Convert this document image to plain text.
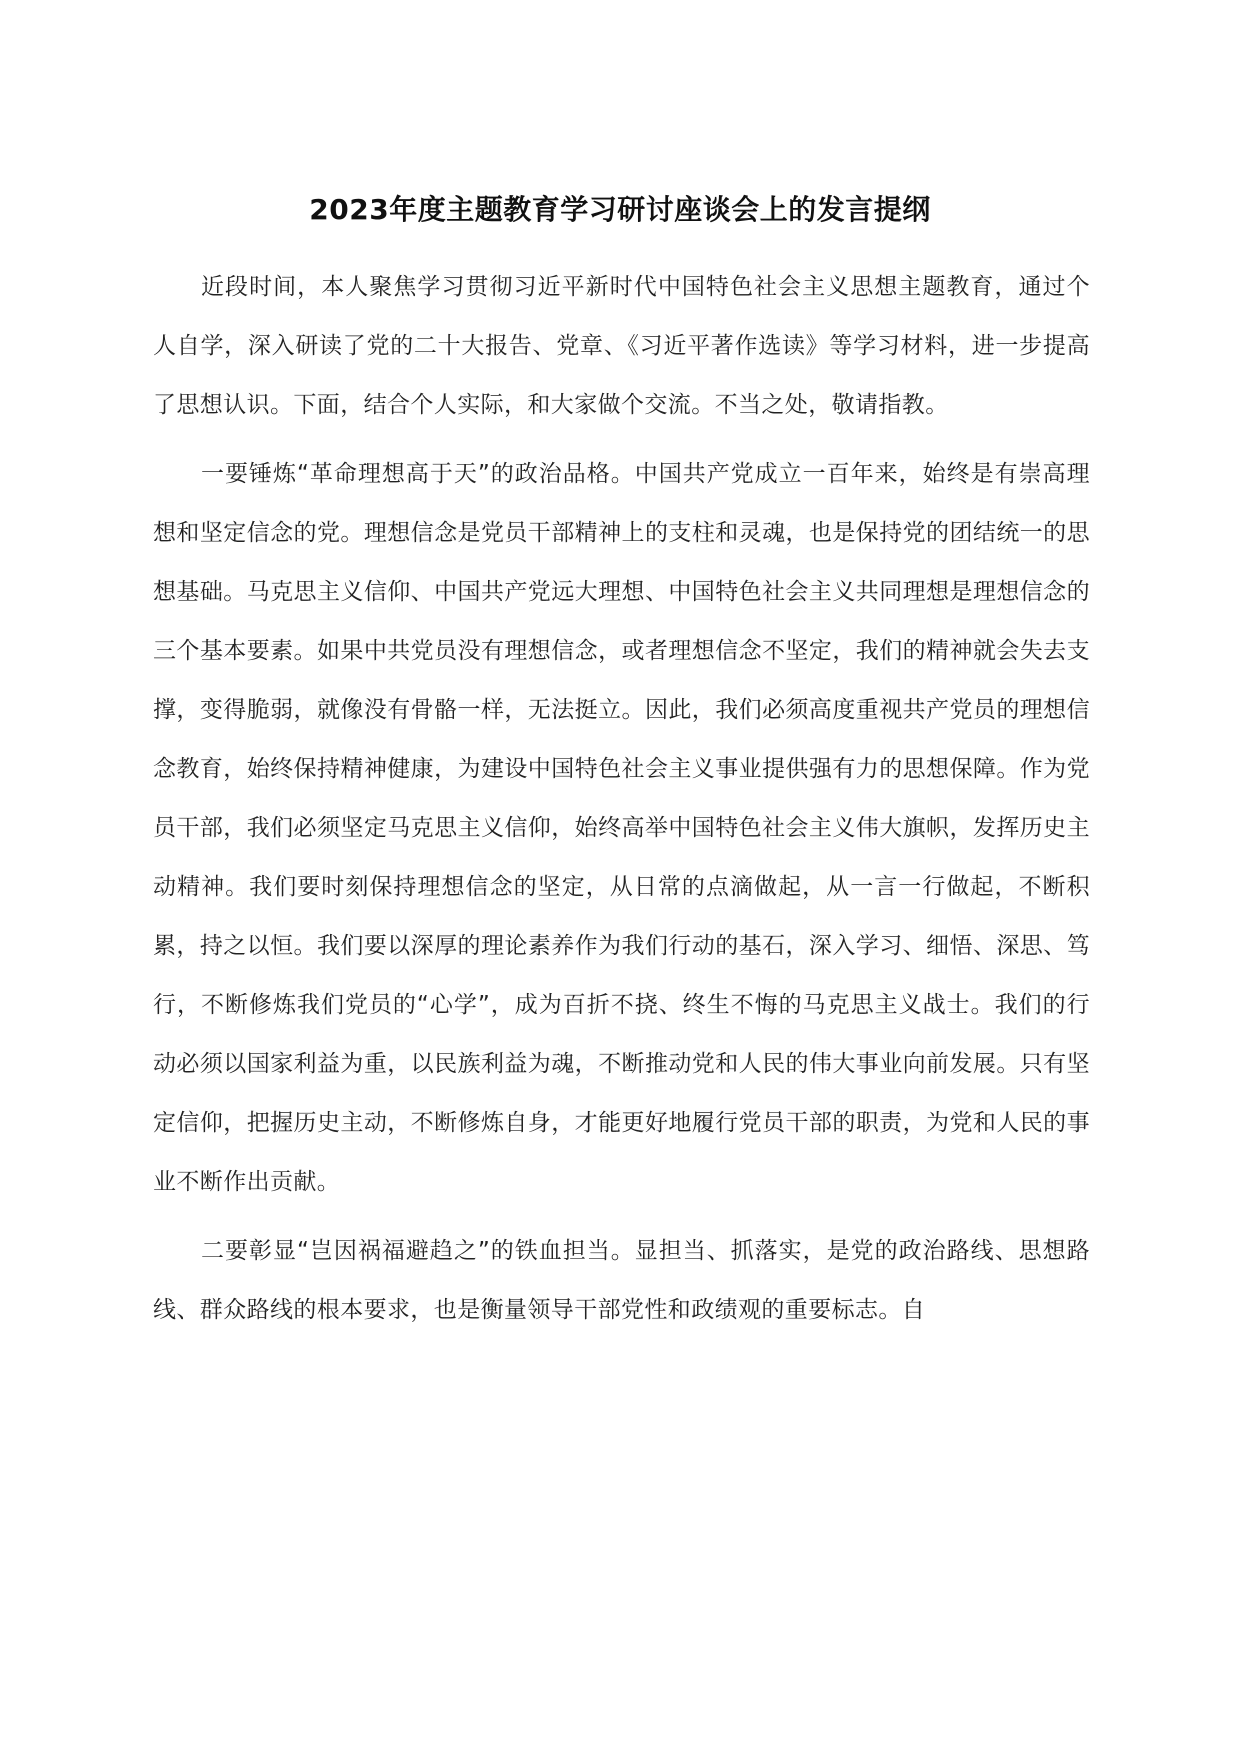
2023年度主题教育学习研讨座谈会上的发言提纲

近段时间，本人聚焦学习贯彻习近平新时代中国特色社会主义思想主题教育，通过个人自学，深入研读了党的二十大报告、党章、《习近平著作选读》等学习材料，进一步提高了思想认识。下面，结合个人实际，和大家做个交流。不当之处，敬请指教。

一要锤炼“革命理想高于天”的政治品格。中国共产党成立一百年来，始终是有崇高理想和坚定信念的党。理想信念是党员干部精神上的支柱和灵魂，也是保持党的团结统一的思想基础。马克思主义信仰、中国共产党远大理想、中国特色社会主义共同理想是理想信念的三个基本要素。如果中共党员没有理想信念，或者理想信念不坚定，我们的精神就会失去支撑，变得脆弱，就像没有骨骼一样，无法挺立。因此，我们必须高度重视共产党员的理想信念教育，始终保持精神健康，为建设中国特色社会主义事业提供强有力的思想保障。作为党员干部，我们必须坚定马克思主义信仰，始终高举中国特色社会主义伟大旗帜，发挥历史主动精神。我们要时刻保持理想信念的坚定，从日常的点滴做起，从一言一行做起，不断积累，持之以恒。我们要以深厚的理论素养作为我们行动的基石，深入学习、细悟、深思、笃行，不断修炼我们党员的“心学”，成为百折不挠、终生不悔的马克思主义战士。我们的行动必须以国家利益为重，以民族利益为魂，不断推动党和人民的伟大事业向前发展。只有坚定信仰，把握历史主动，不断修炼自身，才能更好地履行党员干部的职责，为党和人民的事业不断作出贡献。

二要彰显“岂因祸福避趋之”的铁血担当。显担当、抓落实，是党的政治路线、思想路线、群众路线的根本要求，也是衡量领导干部党性和政绩观的重要标志。自
